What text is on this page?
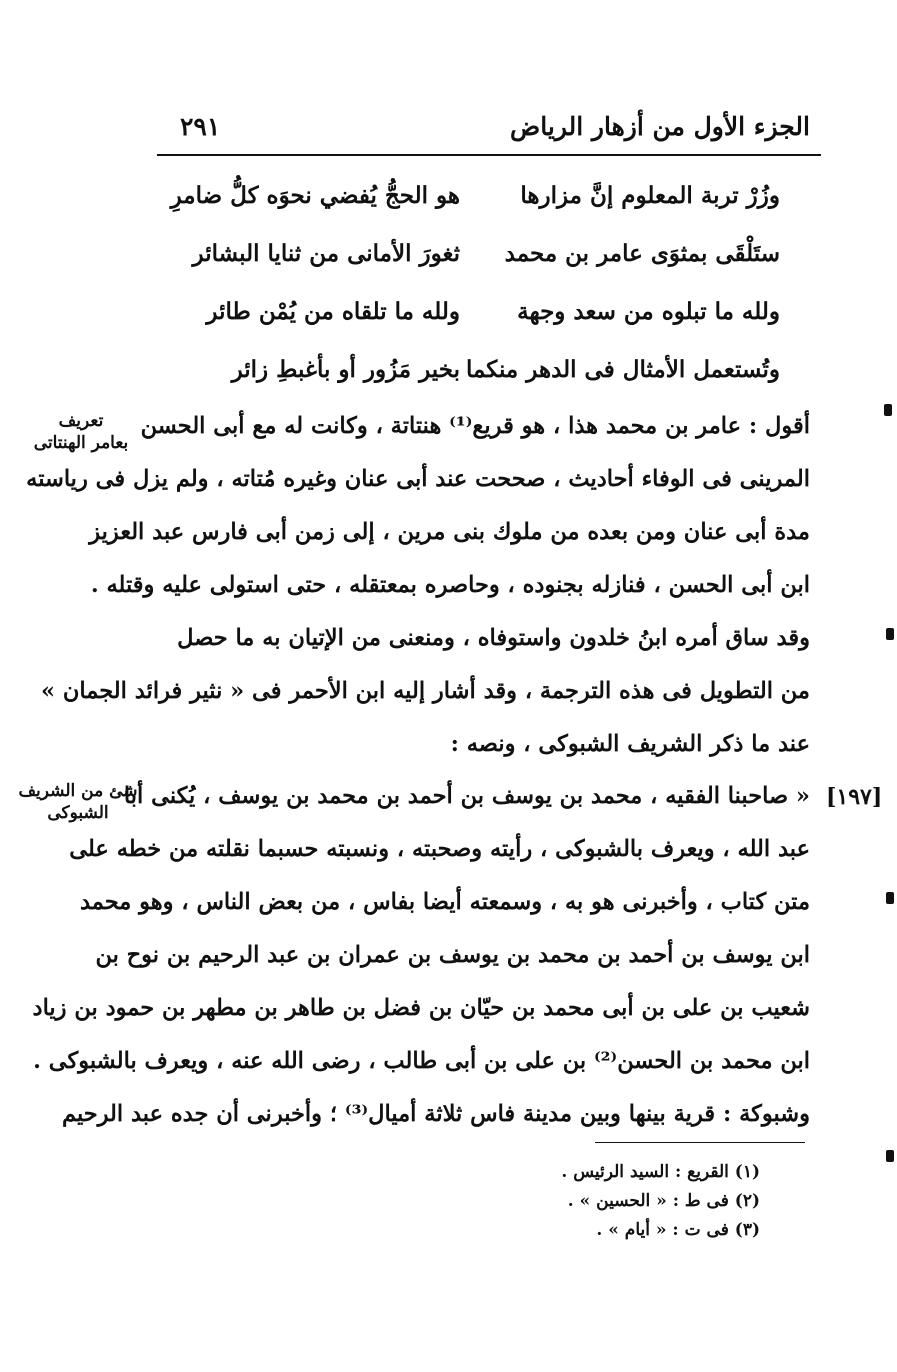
الجزء الأول من أزهار الرياض
٢٩١
وزُرْ تربة المعلوم إنَّ مزارها
هو الحجُّ يُفضي نحوَه كلُّ ضامرِ
ستَلْقَى بمثوَى عامر بن محمد
ثغورَ الأمانى من ثنايا البشائر
ولله ما تبلوه من سعد وجهة
ولله ما تلقاه من يُمْن طائر
وتُستعمل الأمثال فى الدهر منكما
بخير مَزُور أو بأغبطِ زائر
تعريف
بعامر الهنتاتى
أقول : عامر بن محمد هذا ، هو قريع⁽¹⁾ هنتاتة ، وكانت له مع أبى الحسن
المرينى فى الوفاء أحاديث ، صححت عند أبى عنان وغيره مُتاته ، ولم يزل فى رياسته
مدة أبى عنان ومن بعده من ملوك بنى مرين ، إلى زمن أبى فارس عبد العزيز
ابن أبى الحسن ، فنازله بجنوده ، وحاصره بمعتقله ، حتى استولى عليه وقتله .
وقد ساق أمره ابنُ خلدون واستوفاه ، ومنعنى من الإتيان به ما حصل
من التطويل فى هذه الترجمة ، وقد أشار إليه ابن الأحمر فى « نثير فرائد الجمان »
عند ما ذكر الشريف الشبوكى ، ونصه :
شئ من الشريف
الشبوكى
[١٩٧]
« صاحبنا الفقيه ، محمد بن يوسف بن أحمد بن محمد بن يوسف ، يُكنى أبا
عبد الله ، ويعرف بالشبوكى ، رأيته وصحبته ، ونسبته حسبما نقلته من خطه على
متن كتاب ، وأخبرنى هو به ، وسمعته أيضا بفاس ، من بعض الناس ، وهو محمد
ابن يوسف بن أحمد بن محمد بن يوسف بن عمران بن عبد الرحيم بن نوح بن
شعيب بن على بن أبى محمد بن حيّان بن فضل بن طاهر بن مطهر بن حمود بن زياد
ابن محمد بن الحسن⁽²⁾ بن على بن أبى طالب ، رضى الله عنه ، ويعرف بالشبوكى .
وشبوكة : قرية بينها وبين مدينة فاس ثلاثة أميال⁽³⁾ ؛ وأخبرنى أن جده عبد الرحيم
(١) القريع : السيد الرئيس .
(٢) فى ط : « الحسين » .
(٣) فى ت : « أيام » .
